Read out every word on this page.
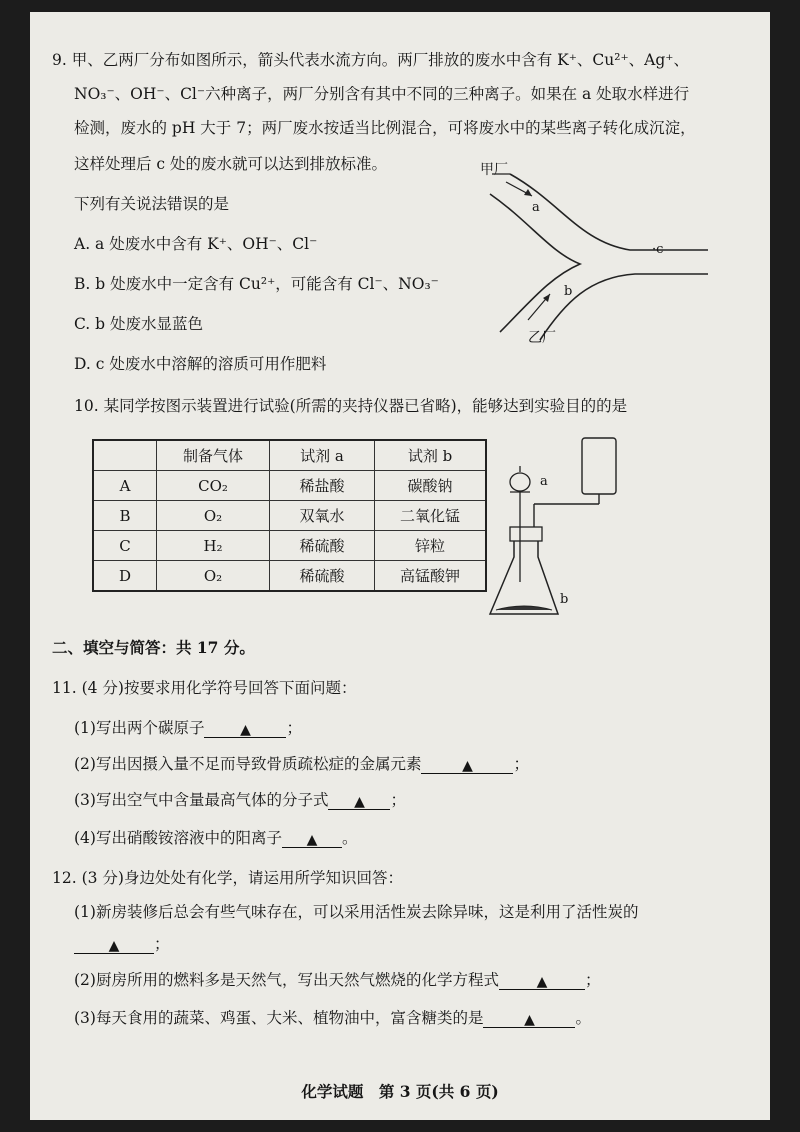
9. 甲、乙两厂分布如图所示，箭头代表水流方向。两厂排放的废水中含有 K⁺、Cu²⁺、Ag⁺、
NO₃⁻、OH⁻、Cl⁻六种离子，两厂分别含有其中不同的三种离子。如果在 a 处取水样进行
检测，废水的 pH 大于 7；两厂废水按适当比例混合，可将废水中的某些离子转化成沉淀，
这样处理后 c 处的废水就可以达到排放标准。
下列有关说法错误的是
A. a 处废水中含有 K⁺、OH⁻、Cl⁻
B. b 处废水中一定含有 Cu²⁺，可能含有 Cl⁻、NO₃⁻
C. b 处废水显蓝色
D. c 处废水中溶解的溶质可用作肥料
甲厂
a
·c
b
乙厂
10. 某同学按图示装置进行试验(所需的夹持仪器已省略)，能够达到实验目的的是
	制备气体	试剂 a	试剂 b
A	CO₂	稀盐酸	碳酸钠
B	O₂	双氧水	二氧化锰
C	H₂	稀硫酸	锌粒
D	O₂	稀硫酸	高锰酸钾
a
b
二、填空与简答：共 17 分。
11. (4 分)按要求用化学符号回答下面问题：
(1)写出两个碳原子	▲ ；
(2)写出因摄入量不足而导致骨质疏松症的金属元素	▲	；
(3)写出空气中含量最高气体的分子式 ▲ ；
(4)写出硝酸铵溶液中的阳离子 ▲ 。
12. (3 分)身边处处有化学，请运用所学知识回答：
(1)新房装修后总会有些气味存在，可以采用活性炭去除异味，这是利用了活性炭的
▲ ；
(2)厨房所用的燃料多是天然气，写出天然气燃烧的化学方程式	▲ ；
(3)每天食用的蔬菜、鸡蛋、大米、植物油中，富含糖类的是	▲	。
化学试题　第 3 页(共 6 页)
